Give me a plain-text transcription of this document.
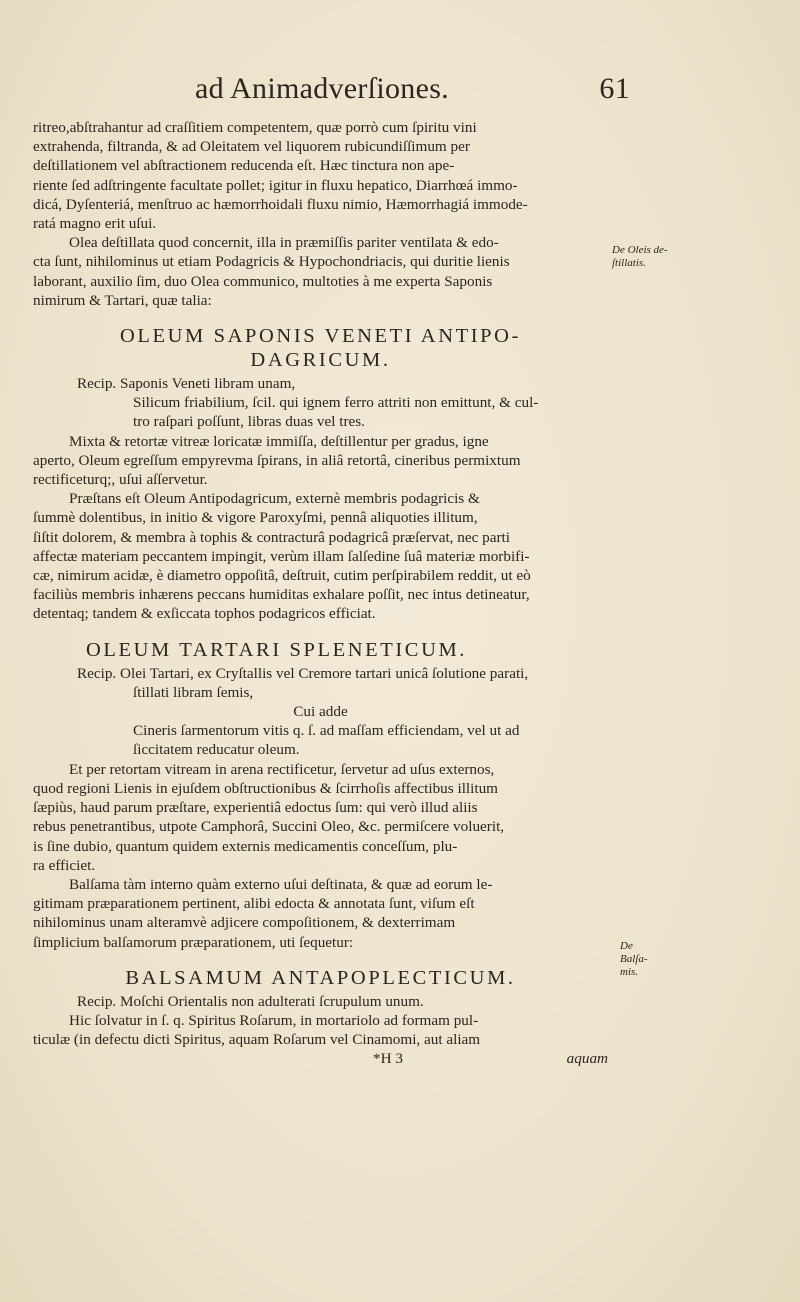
ad Animadverſiones.	61
De Oleis de-
ſtillatis.
De
Balſa-
mis.

ritreo,abſtrahantur ad craſſitiem competentem, quæ porrò cum ſpiritu vini

extrahenda, filtranda, & ad Oleitatem vel liquorem rubicundiſſimum per

deſtillationem vel abſtractionem reducenda eſt. Hæc tinctura non ape-

riente ſed adſtringente facultate pollet; igitur in fluxu hepatico, Diarrhœá immo-

dicá, Dyſenteriá, menſtruo ac hæmorrhoidali fluxu nimio, Hæmorrhagiá immode-

ratá magno erit uſui.

Olea deſtillata quod concernit, illa in præmiſſis pariter ventilata & edo-

cta ſunt, nihilominus ut etiam Podagricis & Hypochondriacis, qui duritie lienis

laborant, auxilio ſim, duo Olea communico, multoties à me experta Saponis

nimirum & Tartari, quæ talia:

OLEUM SAPONIS VENETI ANTIPO-
DAGRICUM.

Recip. Saponis Veneti libram unam,

Silicum friabilium, ſcil. qui ignem ferro attriti non emittunt, & cul-

tro raſpari poſſunt, libras duas vel tres.

Mixta & retortæ vitreæ loricatæ immiſſa, deſtillentur per gradus, igne

aperto, Oleum egreſſum empyrevma ſpirans, in aliâ retortâ, cineribus permixtum

rectificeturq;, uſui aſſervetur.

Præſtans eſt Oleum Antipodagricum, externè membris podagricis &

ſummè dolentibus, in initio & vigore Paroxyſmi, pennâ aliquoties illitum,

ſiſtit dolorem, & membra à tophis & contracturâ podagricâ præſervat, nec parti

affectæ materiam peccantem impingit, verùm illam ſalſedine ſuâ materiæ morbifi-

cæ, nimirum acidæ, è diametro oppoſitâ, deſtruit, cutim perſpirabilem reddit, ut eò

faciliùs membris inhærens peccans humiditas exhalare poſſit, nec intus detineatur,

detentaq; tandem & exſiccata tophos podagricos efficiat.

OLEUM TARTARI SPLENETICUM.

Recip. Olei Tartari, ex Cryſtallis vel Cremore tartari unicâ ſolutione parati,

ſtillati libram ſemis,

Cui adde

Cineris ſarmentorum vitis q. ſ. ad maſſam efficiendam, vel ut ad

ſiccitatem reducatur oleum.

Et per retortam vitream in arena rectificetur, ſervetur ad uſus externos,

quod regioni Lienis in ejuſdem obſtructionibus & ſcirrhoſis affectibus illitum

ſæpiùs, haud parum præſtare, experientiâ edoctus ſum: qui verò illud aliis

rebus penetrantibus, utpote Camphorâ, Succini Oleo, &c. permiſcere voluerit,

is ſine dubio, quantum quidem externis medicamentis conceſſum, plu-

ra efficiet.

Balſama tàm interno quàm externo uſui deſtinata, & quæ ad eorum le-

gitimam præparationem pertinent, alibi edocta & annotata ſunt, viſum eſt

nihilominus unam alteramvè adjicere compoſitionem, & dexterrimam

ſimplicium balſamorum præparationem, uti ſequetur:

BALSAMUM ANTAPOPLECTICUM.

Recip. Moſchi Orientalis non adulterati ſcrupulum unum.

Hic ſolvatur in ſ. q. Spiritus Roſarum, in mortariolo ad formam pul-

ticulæ (in defectu dicti Spiritus, aquam Roſarum vel Cinamomi, aut aliam

*H 3	aquam
